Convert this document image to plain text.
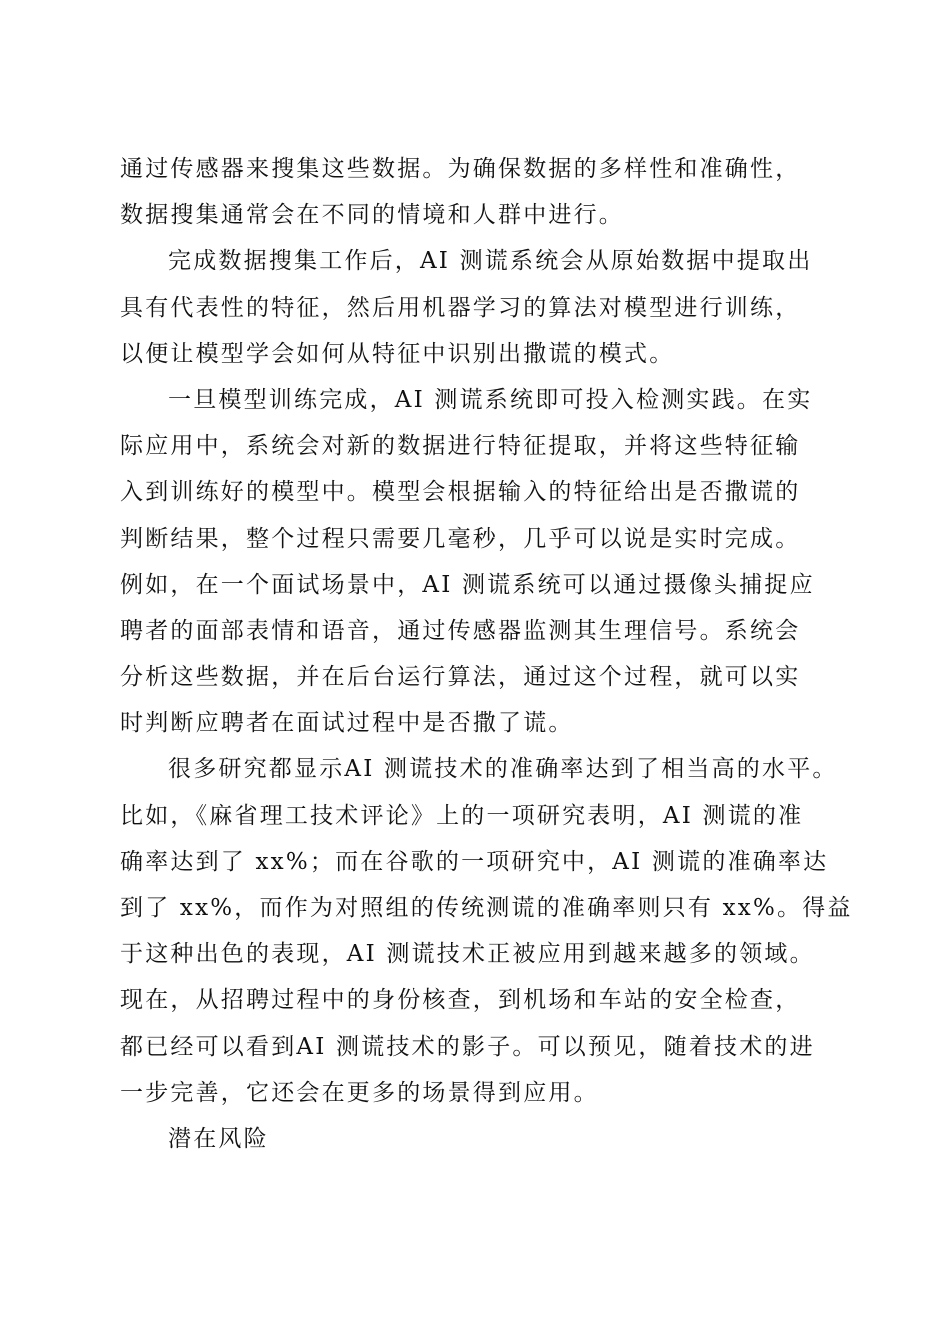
通过传感器来搜集这些数据。为确保数据的多样性和准确性，
数据搜集通常会在不同的情境和人群中进行。
完成数据搜集工作后，AI 测谎系统会从原始数据中提取出
具有代表性的特征，然后用机器学习的算法对模型进行训练，
以便让模型学会如何从特征中识别出撒谎的模式。
一旦模型训练完成，AI 测谎系统即可投入检测实践。在实
际应用中，系统会对新的数据进行特征提取，并将这些特征输
入到训练好的模型中。模型会根据输入的特征给出是否撒谎的
判断结果，整个过程只需要几毫秒，几乎可以说是实时完成。
例如，在一个面试场景中，AI 测谎系统可以通过摄像头捕捉应
聘者的面部表情和语音，通过传感器监测其生理信号。系统会
分析这些数据，并在后台运行算法，通过这个过程，就可以实
时判断应聘者在面试过程中是否撒了谎。
很多研究都显示AI 测谎技术的准确率达到了相当高的水平。
比如，《麻省理工技术评论》上的一项研究表明，AI 测谎的准
确率达到了 xx%；而在谷歌的一项研究中，AI 测谎的准确率达
到了 xx%，而作为对照组的传统测谎的准确率则只有 xx%。得益
于这种出色的表现，AI 测谎技术正被应用到越来越多的领域。
现在，从招聘过程中的身份核查，到机场和车站的安全检查，
都已经可以看到AI 测谎技术的影子。可以预见，随着技术的进
一步完善，它还会在更多的场景得到应用。
潜在风险
